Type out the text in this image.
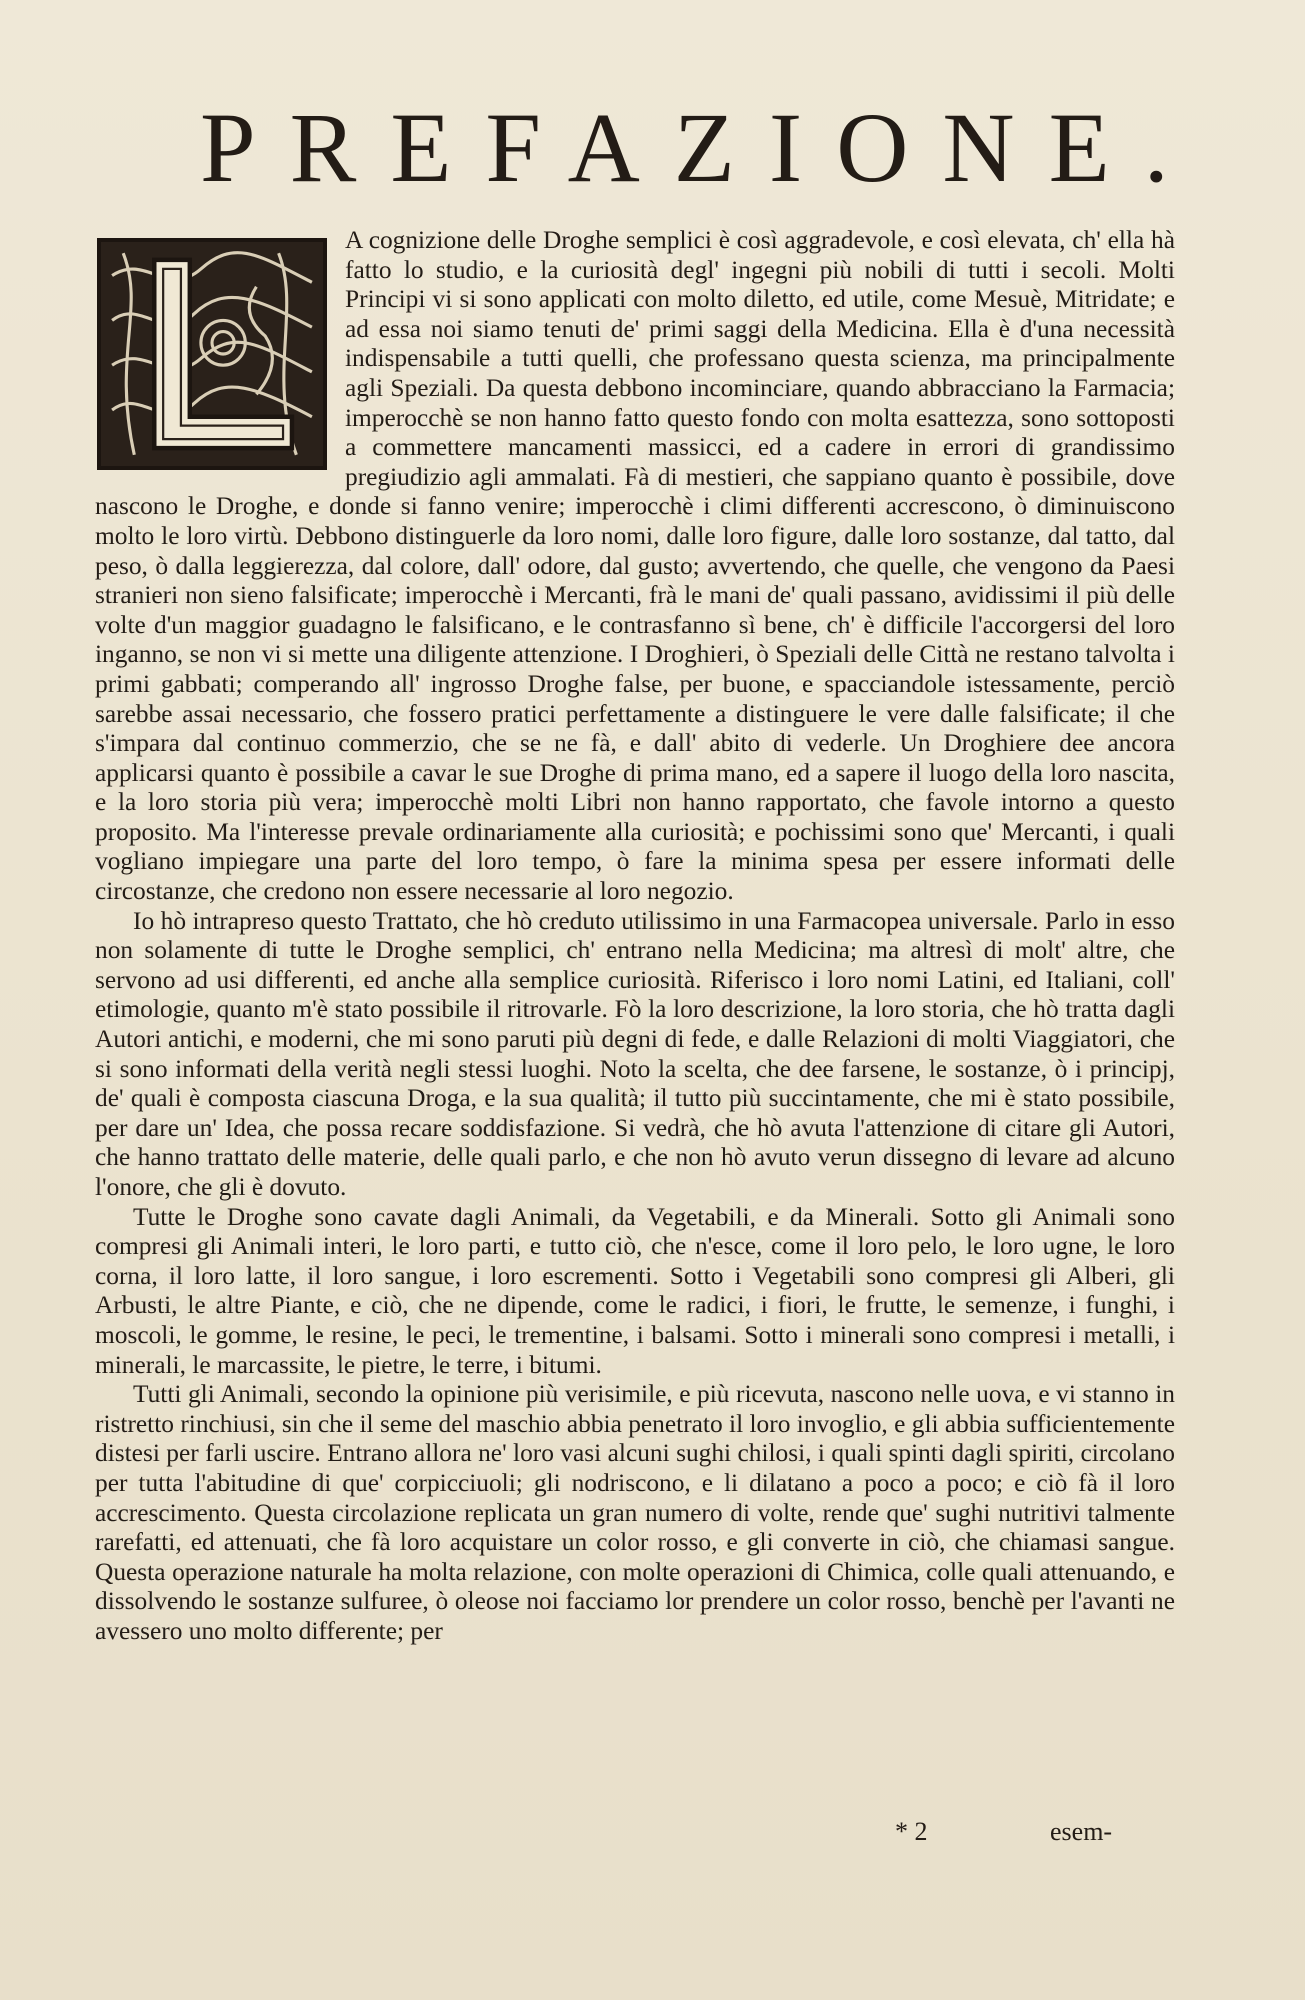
PREFAZIONE.

A cognizione delle Droghe semplici è così aggradevole, e così elevata, ch' ella hà fatto lo studio, e la curiosità degl' ingegni più nobili di tutti i secoli. Molti Principi vi si sono applicati con molto diletto, ed utile, come Mesuè, Mitridate; e ad essa noi siamo tenuti de' primi saggi della Medicina. Ella è d'una necessità indispensabile a tutti quelli, che professano questa scienza, ma principalmente agli Speziali. Da questa debbono incominciare, quando abbracciano la Farmacia; imperocchè se non hanno fatto questo fondo con molta esattezza, sono sottoposti a commettere mancamenti massicci, ed a cadere in errori di grandissimo pregiudizio agli ammalati. Fà di mestieri, che sappiano quanto è possibile, dove nascono le Droghe, e donde si fanno venire; imperocchè i climi differenti accrescono, ò diminuiscono molto le loro virtù. Debbono distinguerle da loro nomi, dalle loro figure, dalle loro sostanze, dal tatto, dal peso, ò dalla leggierezza, dal colore, dall' odore, dal gusto; avvertendo, che quelle, che vengono da Paesi stranieri non sieno falsificate; imperocchè i Mercanti, frà le mani de' quali passano, avidissimi il più delle volte d'un maggior guadagno le falsificano, e le contrasfanno sì bene, ch' è difficile l'accorgersi del loro inganno, se non vi si mette una diligente attenzione. I Droghieri, ò Speziali delle Città ne restano talvolta i primi gabbati; comperando all' ingrosso Droghe false, per buone, e spacciandole istessamente, perciò sarebbe assai necessario, che fossero pratici perfettamente a distinguere le vere dalle falsificate; il che s'impara dal continuo commerzio, che se ne fà, e dall' abito di vederle. Un Droghiere dee ancora applicarsi quanto è possibile a cavar le sue Droghe di prima mano, ed a sapere il luogo della loro nascita, e la loro storia più vera; imperocchè molti Libri non hanno rapportato, che favole intorno a questo proposito. Ma l'interesse prevale ordinariamente alla curiosità; e pochissimi sono que' Mercanti, i quali vogliano impiegare una parte del loro tempo, ò fare la minima spesa per essere informati delle circostanze, che credono non essere necessarie al loro negozio.

Io hò intrapreso questo Trattato, che hò creduto utilissimo in una Farmacopea universale. Parlo in esso non solamente di tutte le Droghe semplici, ch' entrano nella Medicina; ma altresì di molt' altre, che servono ad usi differenti, ed anche alla semplice curiosità. Riferisco i loro nomi Latini, ed Italiani, coll' etimologie, quanto m'è stato possibile il ritrovarle. Fò la loro descrizione, la loro storia, che hò tratta dagli Autori antichi, e moderni, che mi sono paruti più degni di fede, e dalle Relazioni di molti Viaggiatori, che si sono informati della verità negli stessi luoghi. Noto la scelta, che dee farsene, le sostanze, ò i principj, de' quali è composta ciascuna Droga, e la sua qualità; il tutto più succintamente, che mi è stato possibile, per dare un' Idea, che possa recare soddisfazione. Si vedrà, che hò avuta l'attenzione di citare gli Autori, che hanno trattato delle materie, delle quali parlo, e che non hò avuto verun dissegno di levare ad alcuno l'onore, che gli è dovuto.

Tutte le Droghe sono cavate dagli Animali, da Vegetabili, e da Minerali. Sotto gli Animali sono compresi gli Animali interi, le loro parti, e tutto ciò, che n'esce, come il loro pelo, le loro ugne, le loro corna, il loro latte, il loro sangue, i loro escrementi. Sotto i Vegetabili sono compresi gli Alberi, gli Arbusti, le altre Piante, e ciò, che ne dipende, come le radici, i fiori, le frutte, le semenze, i funghi, i moscoli, le gomme, le resine, le peci, le trementine, i balsami. Sotto i minerali sono compresi i metalli, i minerali, le marcassite, le pietre, le terre, i bitumi.

Tutti gli Animali, secondo la opinione più verisimile, e più ricevuta, nascono nelle uova, e vi stanno in ristretto rinchiusi, sin che il seme del maschio abbia penetrato il loro invoglio, e gli abbia sufficientemente distesi per farli uscire. Entrano allora ne' loro vasi alcuni sughi chilosi, i quali spinti dagli spiriti, circolano per tutta l'abitudine di que' corpicciuoli; gli nodriscono, e li dilatano a poco a poco; e ciò fà il loro accrescimento. Questa circolazione replicata un gran numero di volte, rende que' sughi nutritivi talmente rarefatti, ed attenuati, che fà loro acquistare un color rosso, e gli converte in ciò, che chiamasi sangue. Questa operazione naturale ha molta relazione, con molte operazioni di Chimica, colle quali attenuando, e dissolvendo le sostanze sulfuree, ò oleose noi facciamo lor prendere un color rosso, benchè per l'avanti ne avessero uno molto differente; per

* 2	esem-
